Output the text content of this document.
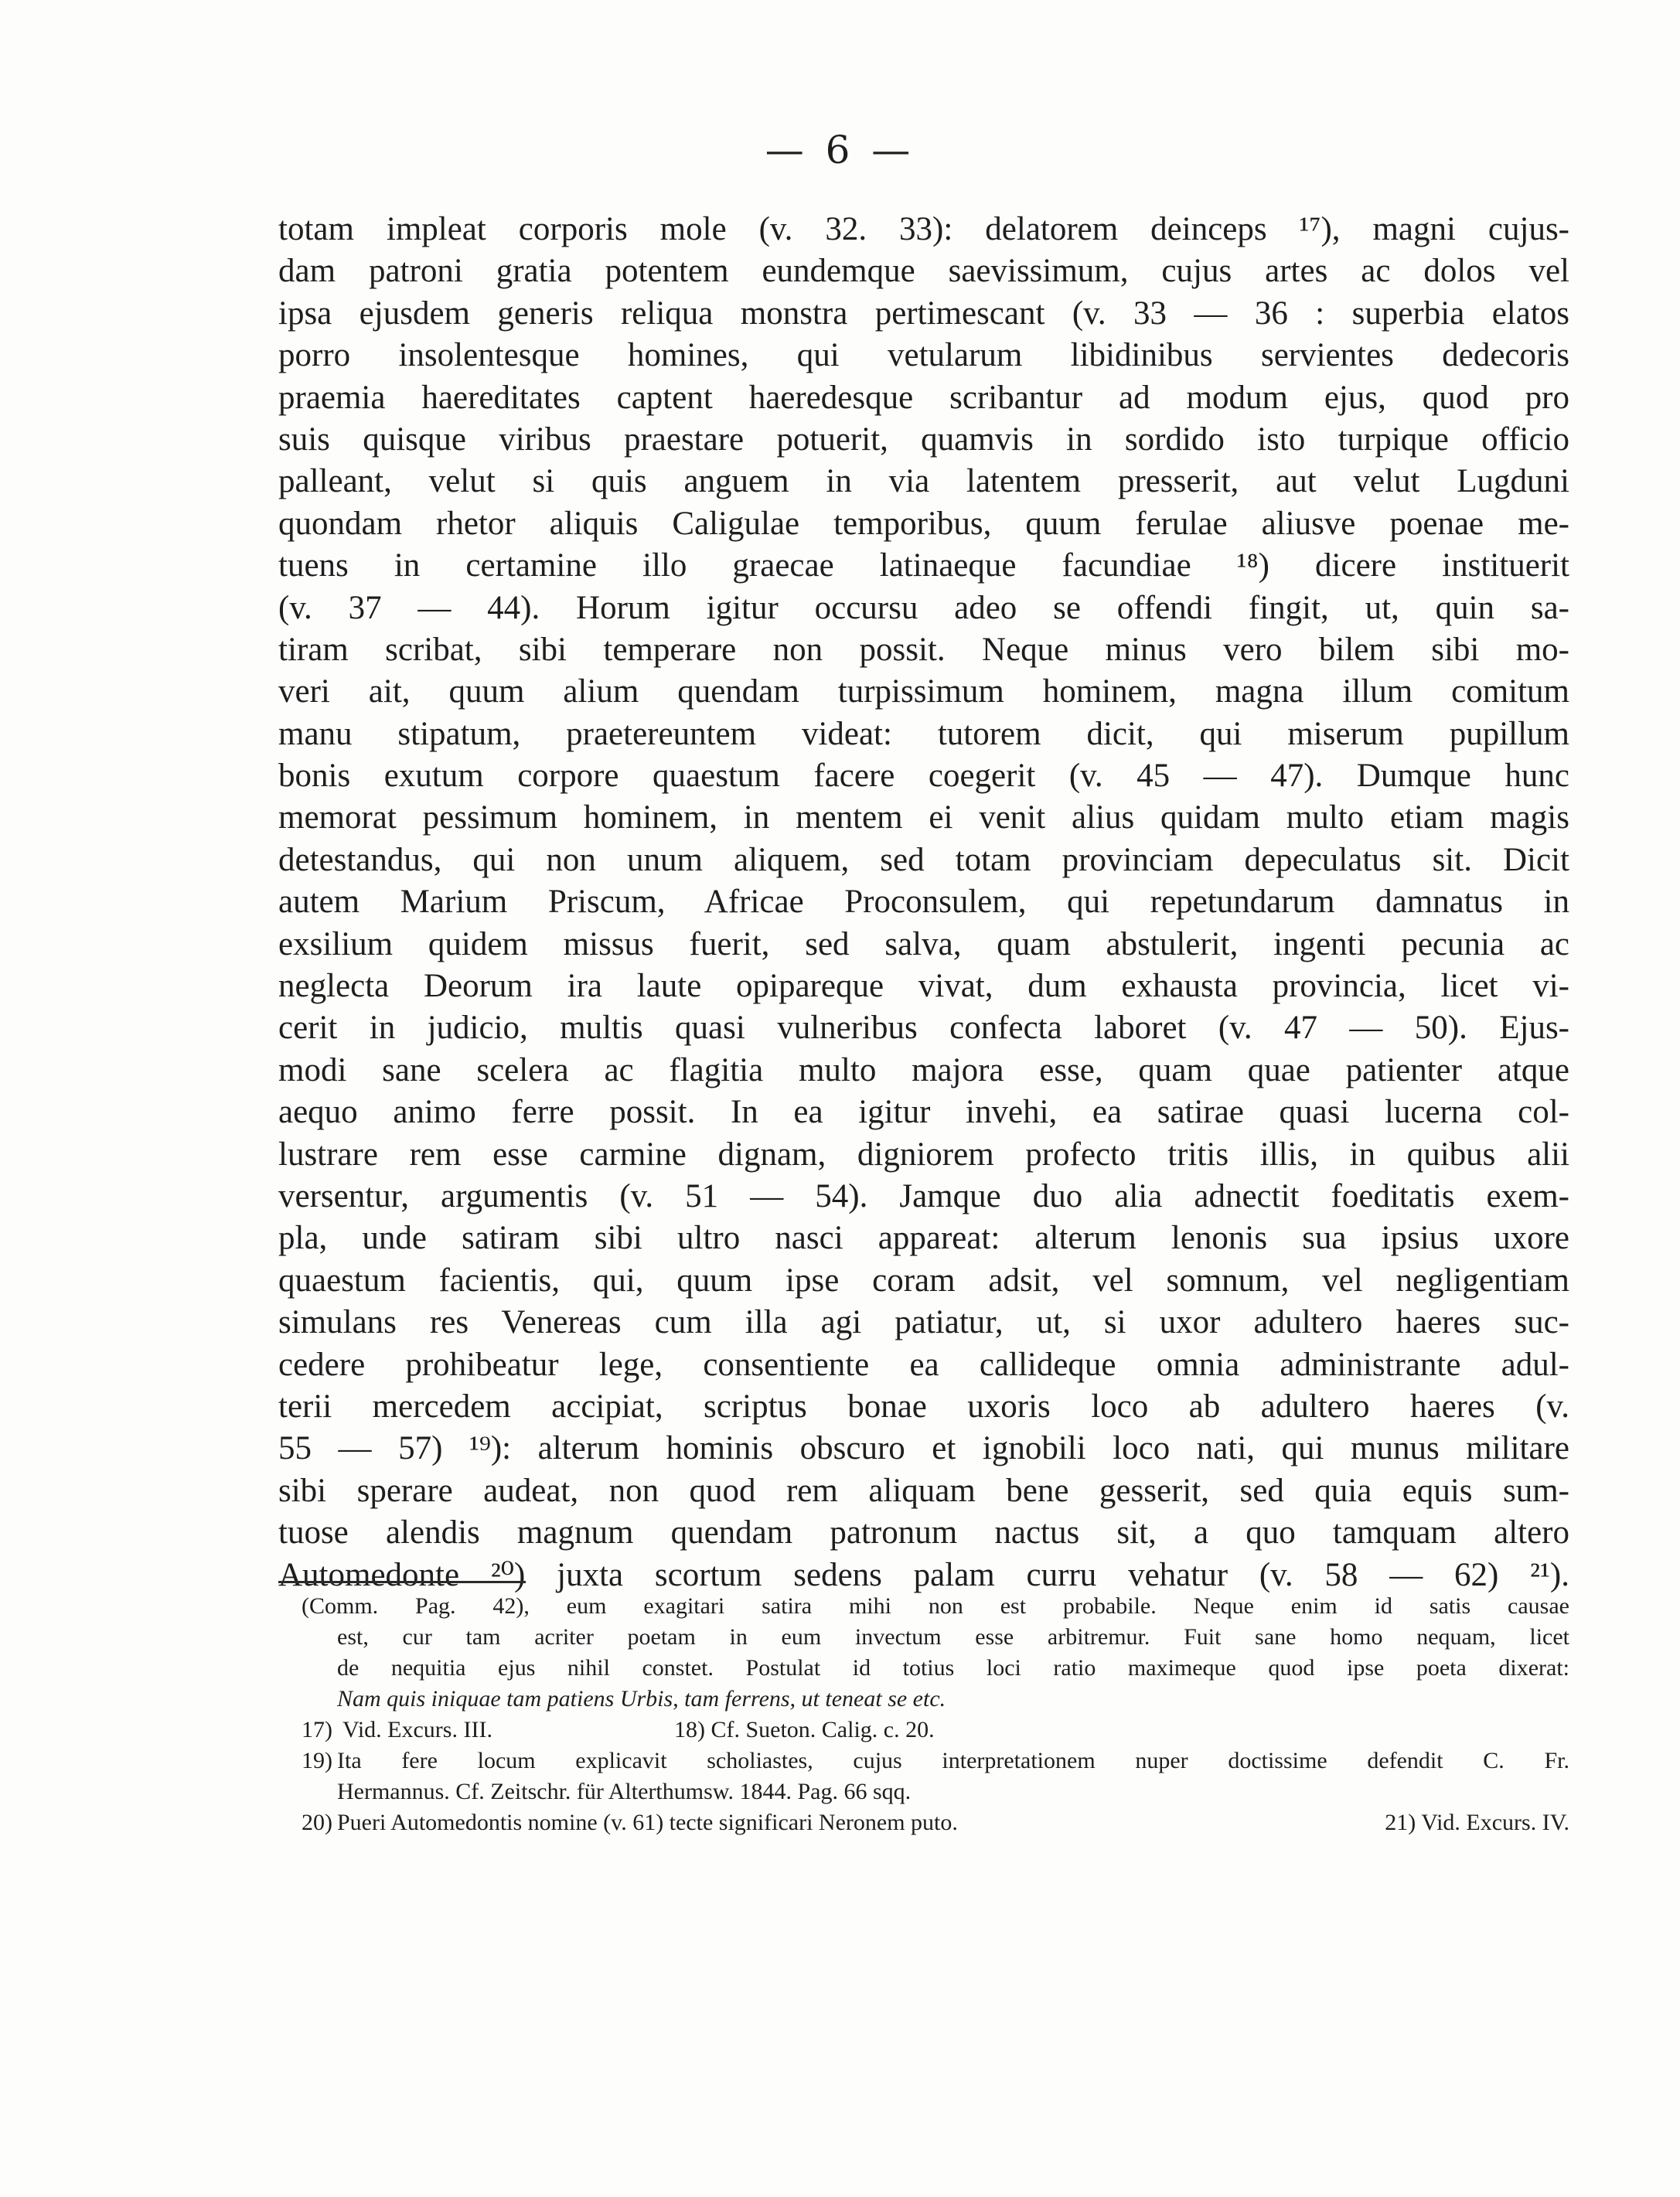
— 6 —
totam impleat corporis mole (v. 32. 33): delatorem deinceps ¹⁷), magni cujus-
dam patroni gratia potentem eundemque saevissimum, cujus artes ac dolos vel
ipsa ejusdem generis reliqua monstra pertimescant (v. 33 — 36 : superbia elatos
porro insolentesque homines, qui vetularum libidinibus servientes dedecoris
praemia haereditates captent haeredesque scribantur ad modum ejus, quod pro
suis quisque viribus praestare potuerit, quamvis in sordido isto turpique officio
palleant, velut si quis anguem in via latentem presserit, aut velut Lugduni
quondam rhetor aliquis Caligulae temporibus, quum ferulae aliusve poenae me-
tuens in certamine illo graecae latinaeque facundiae ¹⁸) dicere instituerit
(v. 37 — 44). Horum igitur occursu adeo se offendi fingit, ut, quin sa-
tiram scribat, sibi temperare non possit. Neque minus vero bilem sibi mo-
veri ait, quum alium quendam turpissimum hominem, magna illum comitum
manu stipatum, praetereuntem videat: tutorem dicit, qui miserum pupillum
bonis exutum corpore quaestum facere coegerit (v. 45 — 47). Dumque hunc
memorat pessimum hominem, in mentem ei venit alius quidam multo etiam magis
detestandus, qui non unum aliquem, sed totam provinciam depeculatus sit. Dicit
autem Marium Priscum, Africae Proconsulem, qui repetundarum damnatus in
exsilium quidem missus fuerit, sed salva, quam abstulerit, ingenti pecunia ac
neglecta Deorum ira laute opipareque vivat, dum exhausta provincia, licet vi-
cerit in judicio, multis quasi vulneribus confecta laboret (v. 47 — 50). Ejus-
modi sane scelera ac flagitia multo majora esse, quam quae patienter atque
aequo animo ferre possit. In ea igitur invehi, ea satirae quasi lucerna col-
lustrare rem esse carmine dignam, digniorem profecto tritis illis, in quibus alii
versentur, argumentis (v. 51 — 54). Jamque duo alia adnectit foeditatis exem-
pla, unde satiram sibi ultro nasci appareat: alterum lenonis sua ipsius uxore
quaestum facientis, qui, quum ipse coram adsit, vel somnum, vel negligentiam
simulans res Venereas cum illa agi patiatur, ut, si uxor adultero haeres suc-
cedere prohibeatur lege, consentiente ea callideque omnia administrante adul-
terii mercedem accipiat, scriptus bonae uxoris loco ab adultero haeres (v.
55 — 57) ¹⁹): alterum hominis obscuro et ignobili loco nati, qui munus militare
sibi sperare audeat, non quod rem aliquam bene gesserit, sed quia equis sum-
tuose alendis magnum quendam patronum nactus sit, a quo tamquam altero
Automedonte ²⁰) juxta scortum sedens palam curru vehatur (v. 58 — 62) ²¹).
(Comm. Pag. 42), eum exagitari satira mihi non est probabile. Neque enim id satis causae
est, cur tam acriter poetam in eum invectum esse arbitremur. Fuit sane homo nequam, licet
de nequitia ejus nihil constet. Postulat id totius loci ratio maximeque quod ipse poeta dixerat:
Nam quis iniquae tam patiens Urbis, tam ferrens, ut teneat se etc.
17) Vid. Excurs. III.	18) Cf. Sueton. Calig. c. 20.
19) Ita fere locum explicavit scholiastes, cujus interpretationem nuper doctissime defendit C. Fr.
Hermannus. Cf. Zeitschr. für Alterthumsw. 1844. Pag. 66 sqq.
20) Pueri Automedontis nomine (v. 61) tecte significari Neronem puto.	21) Vid. Excurs. IV.
